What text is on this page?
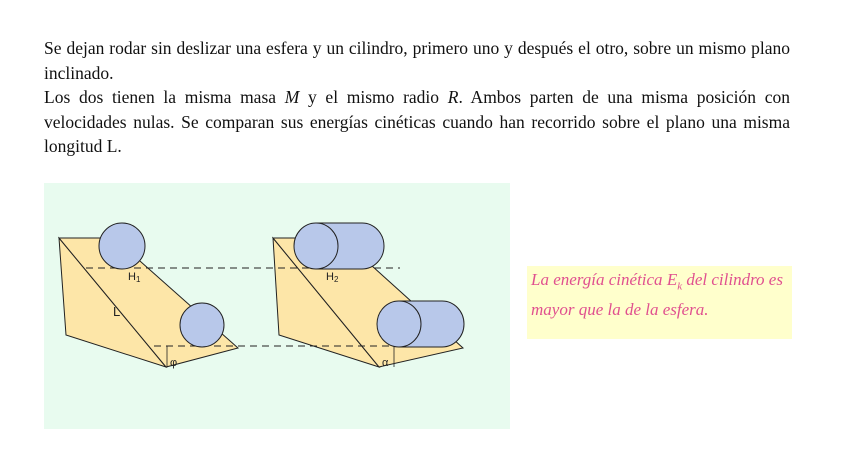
Se dejan rodar sin deslizar una esfera y un cilindro, primero uno y después el otro, sobre un mismo plano inclinado.

Los dos tienen la misma masa M y el mismo radio R. Ambos parten de una misma posición con velocidades nulas. Se comparan sus energías cinéticas cuando han recorrido sobre el plano una misma longitud L.

H1	H2
L
φ	α
La energía cinética $E_k$ del cilindro es mayor que la de la esfera.
